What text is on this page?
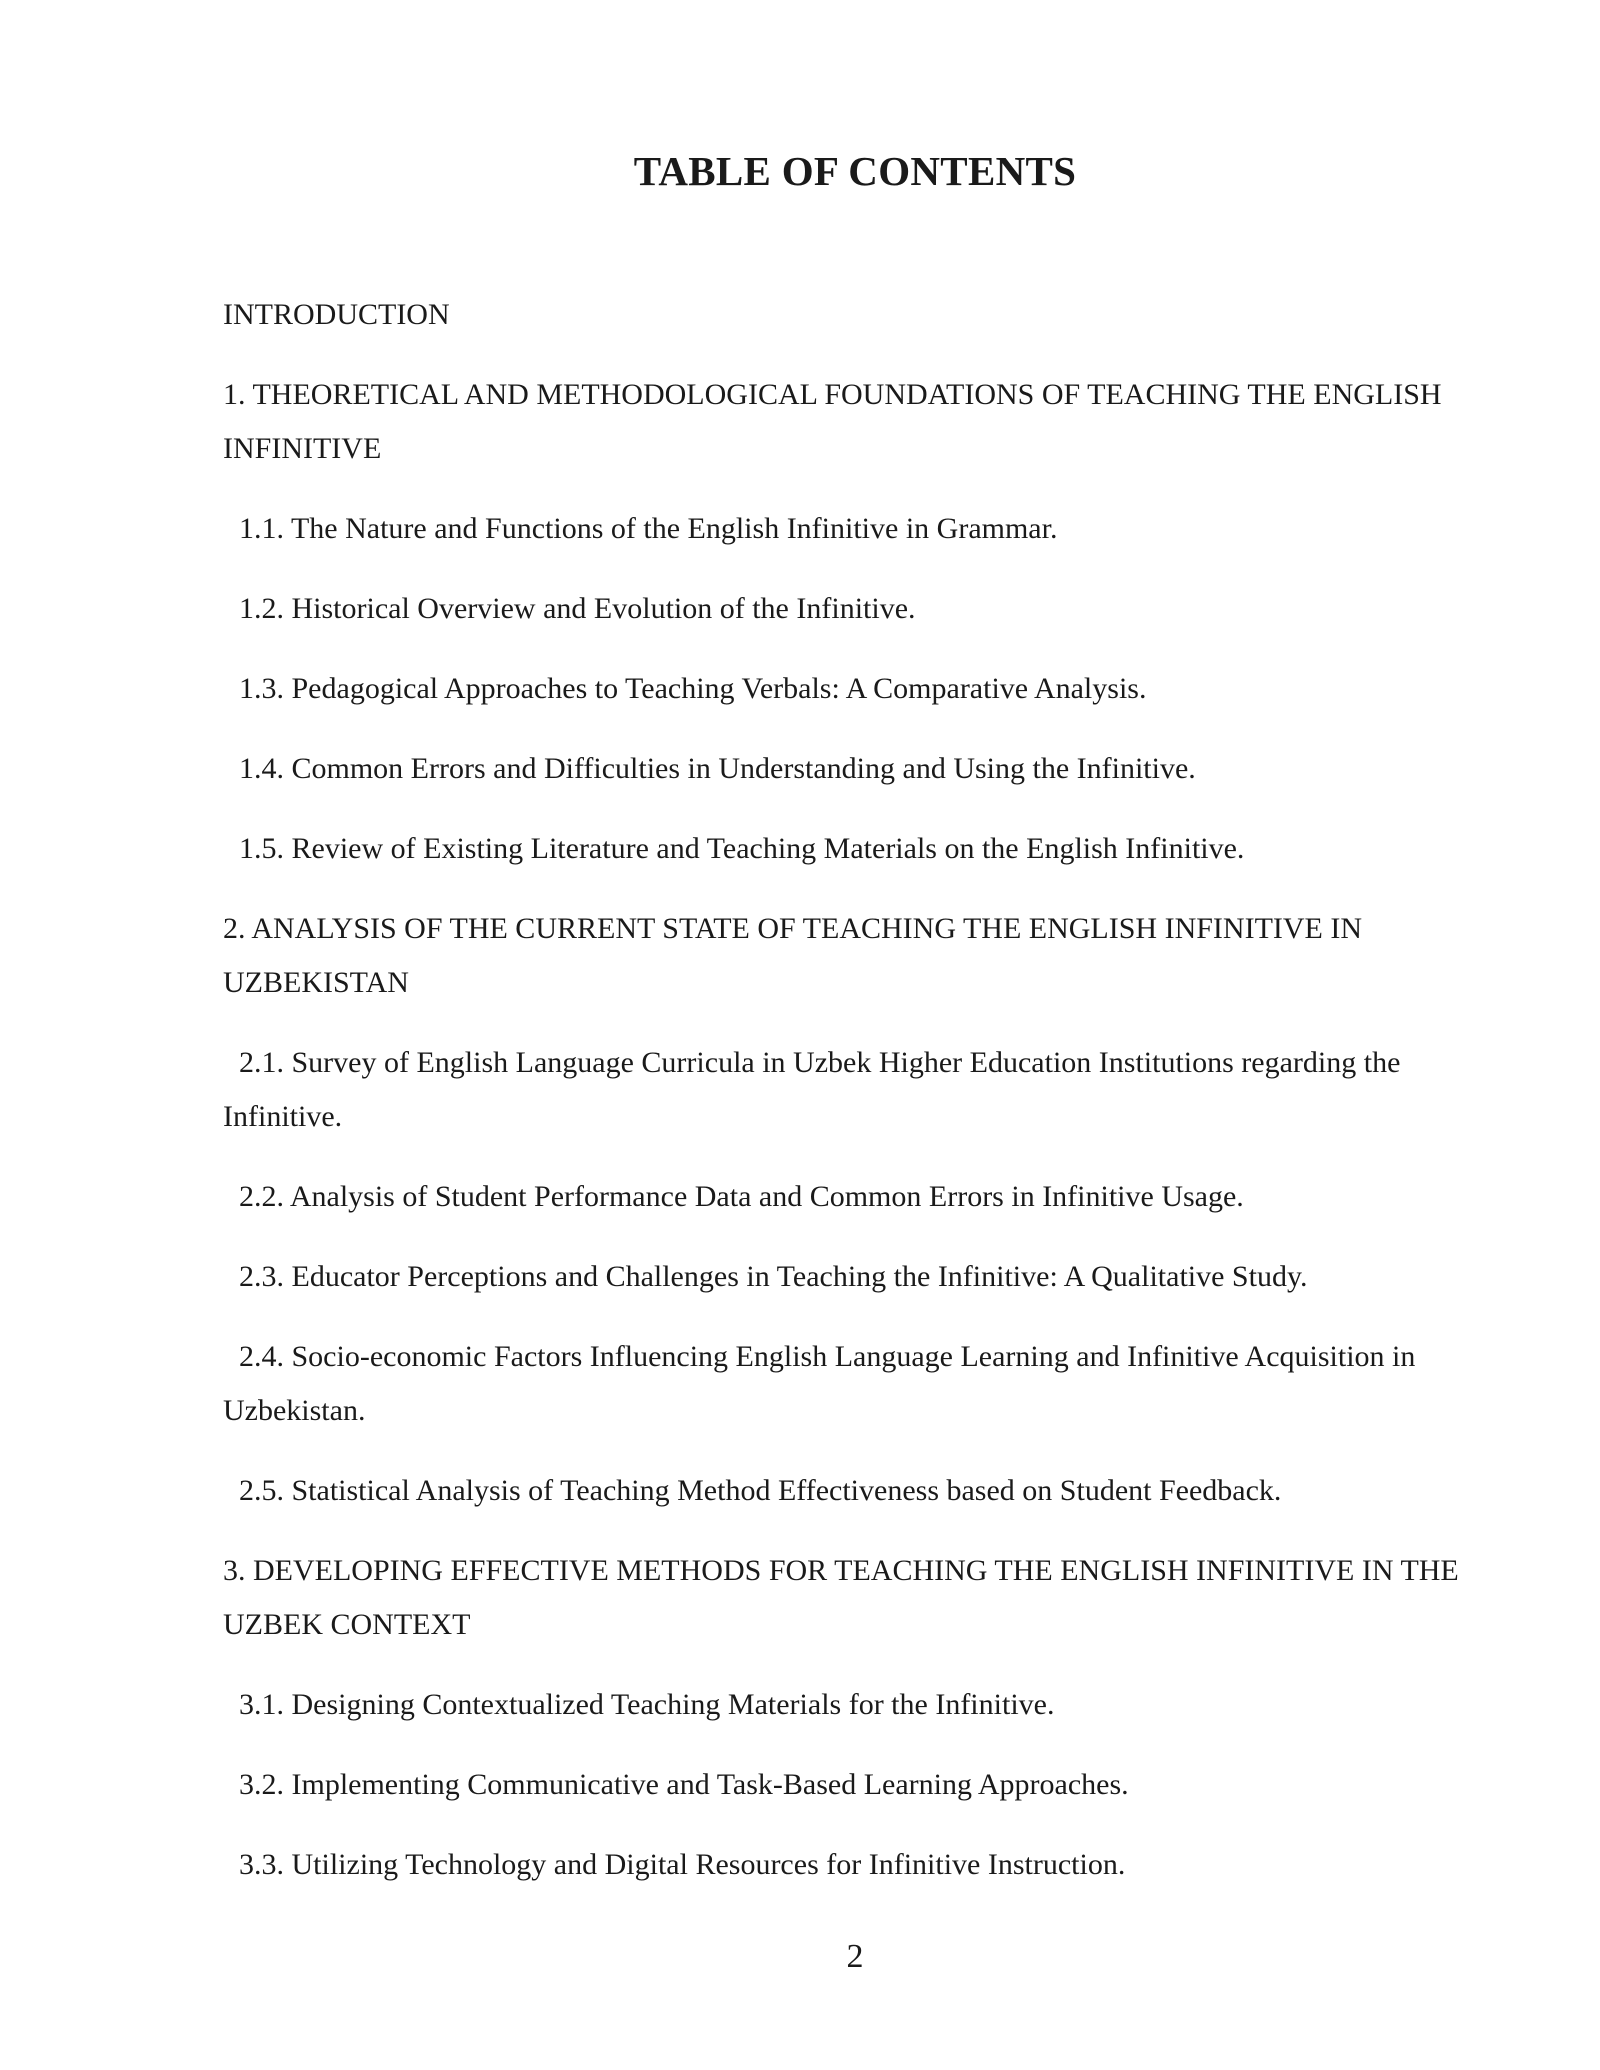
TABLE OF CONTENTS
INTRODUCTION
1. THEORETICAL AND METHODOLOGICAL FOUNDATIONS OF TEACHING THE ENGLISH INFINITIVE
1.1. The Nature and Functions of the English Infinitive in Grammar.
1.2. Historical Overview and Evolution of the Infinitive.
1.3. Pedagogical Approaches to Teaching Verbals: A Comparative Analysis.
1.4. Common Errors and Difficulties in Understanding and Using the Infinitive.
1.5. Review of Existing Literature and Teaching Materials on the English Infinitive.
2. ANALYSIS OF THE CURRENT STATE OF TEACHING THE ENGLISH INFINITIVE IN UZBEKISTAN
2.1. Survey of English Language Curricula in Uzbek Higher Education Institutions regarding the Infinitive.
2.2. Analysis of Student Performance Data and Common Errors in Infinitive Usage.
2.3. Educator Perceptions and Challenges in Teaching the Infinitive: A Qualitative Study.
2.4. Socio-economic Factors Influencing English Language Learning and Infinitive Acquisition in Uzbekistan.
2.5. Statistical Analysis of Teaching Method Effectiveness based on Student Feedback.
3. DEVELOPING EFFECTIVE METHODS FOR TEACHING THE ENGLISH INFINITIVE IN THE UZBEK CONTEXT
3.1. Designing Contextualized Teaching Materials for the Infinitive.
3.2. Implementing Communicative and Task-Based Learning Approaches.
3.3. Utilizing Technology and Digital Resources for Infinitive Instruction.
2
